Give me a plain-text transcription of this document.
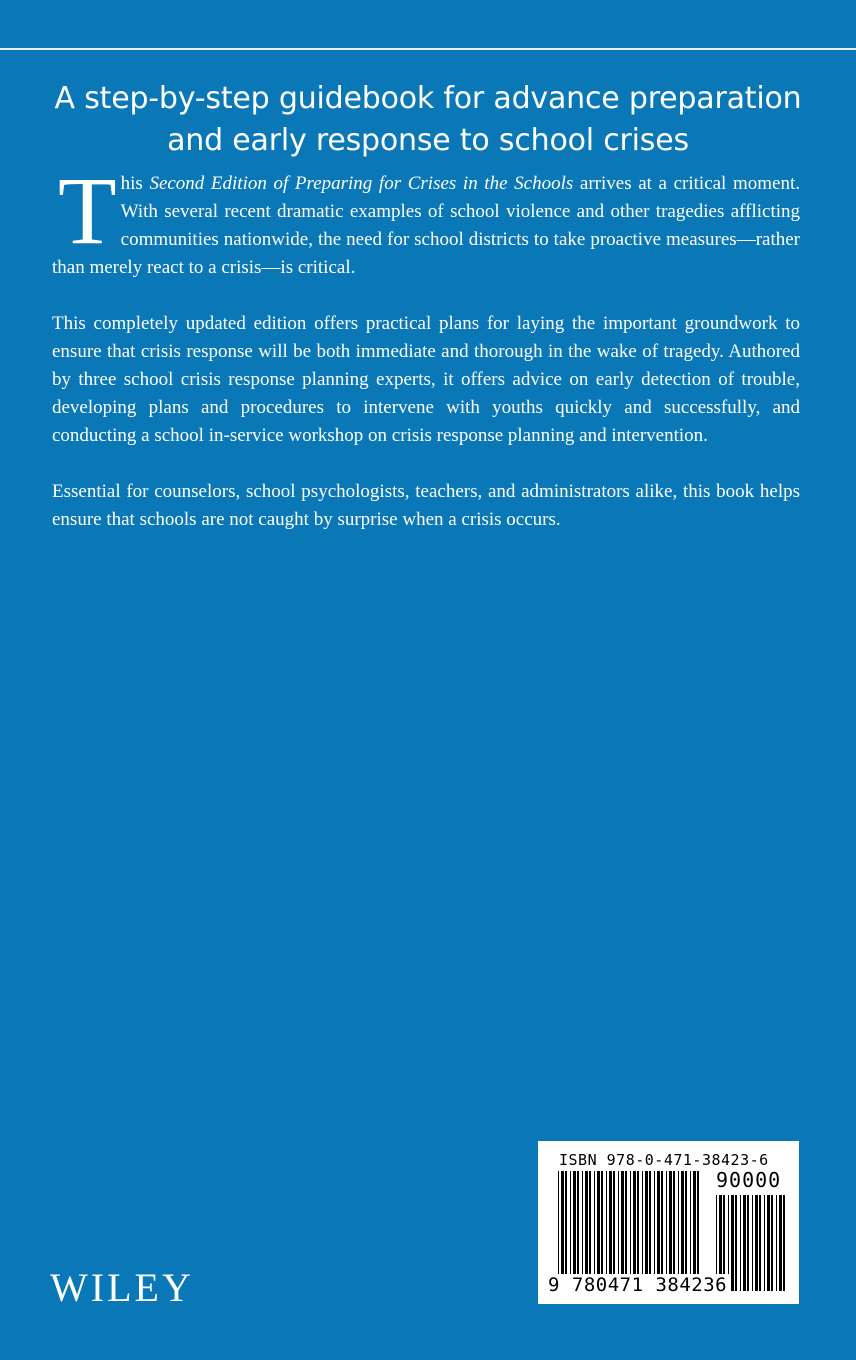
A step-by-step guidebook for advance preparation
and early response to school crises

This Second Edition of Preparing for Crises in the Schools arrives at a critical moment. With several recent dramatic examples of school violence and other tragedies afflicting communities nationwide, the need for school districts to take proactive measures—rather than merely react to a crisis—is critical.

This completely updated edition offers practical plans for laying the important groundwork to ensure that crisis response will be both immediate and thorough in the wake of tragedy. Authored by three school crisis response planning experts, it offers advice on early detection of trouble, developing plans and procedures to intervene with youths quickly and successfully, and conducting a school in-service workshop on crisis response planning and intervention.

Essential for counselors, school psychologists, teachers, and administrators alike, this book helps ensure that schools are not caught by surprise when a crisis occurs.

WILEY
ISBN 978-0-471-38423-6
90000
9 780471 384236
